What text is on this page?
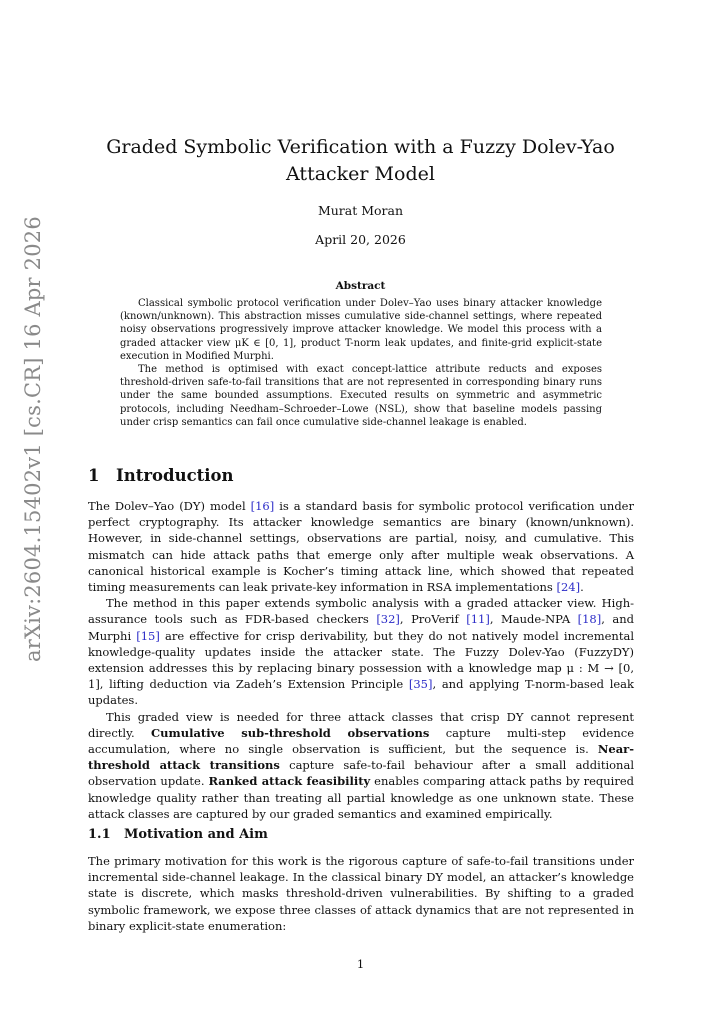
arXiv:2604.15402v1 [cs.CR] 16 Apr 2026
Graded Symbolic Verification with a Fuzzy Dolev-Yao Attacker Model
Murat Moran
April 20, 2026
Abstract

Classical symbolic protocol verification under Dolev–Yao uses binary attacker knowledge (known/unknown). This abstraction misses cumulative side-channel settings, where repeated noisy observations progressively improve attacker knowledge. We model this process with a graded attacker view μK ∈ [0, 1], product T-norm leak updates, and finite-grid explicit-state execution in Modified Murphi.

The method is optimised with exact concept-lattice attribute reducts and exposes threshold-driven safe-to-fail transitions that are not represented in corresponding binary runs under the same bounded assumptions. Executed results on symmetric and asymmetric protocols, including Needham–Schroeder–Lowe (NSL), show that baseline models passing under crisp semantics can fail once cumulative side-channel leakage is enabled.

1 Introduction

The Dolev–Yao (DY) model [16] is a standard basis for symbolic protocol verification under perfect cryptography. Its attacker knowledge semantics are binary (known/unknown). However, in side-channel settings, observations are partial, noisy, and cumulative. This mismatch can hide attack paths that emerge only after multiple weak observations. A canonical historical example is Kocher’s timing attack line, which showed that repeated timing measurements can leak private-key information in RSA implementations [24].

The method in this paper extends symbolic analysis with a graded attacker view. High-assurance tools such as FDR-based checkers [32], ProVerif [11], Maude-NPA [18], and Murphi [15] are effective for crisp derivability, but they do not natively model incremental knowledge-quality updates inside the attacker state. The Fuzzy Dolev-Yao (FuzzyDY) extension addresses this by replacing binary possession with a knowledge map μ : M → [0, 1], lifting deduction via Zadeh’s Extension Principle [35], and applying T-norm-based leak updates.

This graded view is needed for three attack classes that crisp DY cannot represent directly. Cumulative sub-threshold observations capture multi-step evidence accumulation, where no single observation is sufficient, but the sequence is. Near-threshold attack transitions capture safe-to-fail behaviour after a small additional observation update. Ranked attack feasibility enables comparing attack paths by required knowledge quality rather than treating all partial knowledge as one unknown state. These attack classes are captured by our graded semantics and examined empirically.

1.1 Motivation and Aim

The primary motivation for this work is the rigorous capture of safe-to-fail transitions under incremental side-channel leakage. In the classical binary DY model, an attacker’s knowledge state is discrete, which masks threshold-driven vulnerabilities. By shifting to a graded symbolic framework, we expose three classes of attack dynamics that are not represented in binary explicit-state enumeration:

1
